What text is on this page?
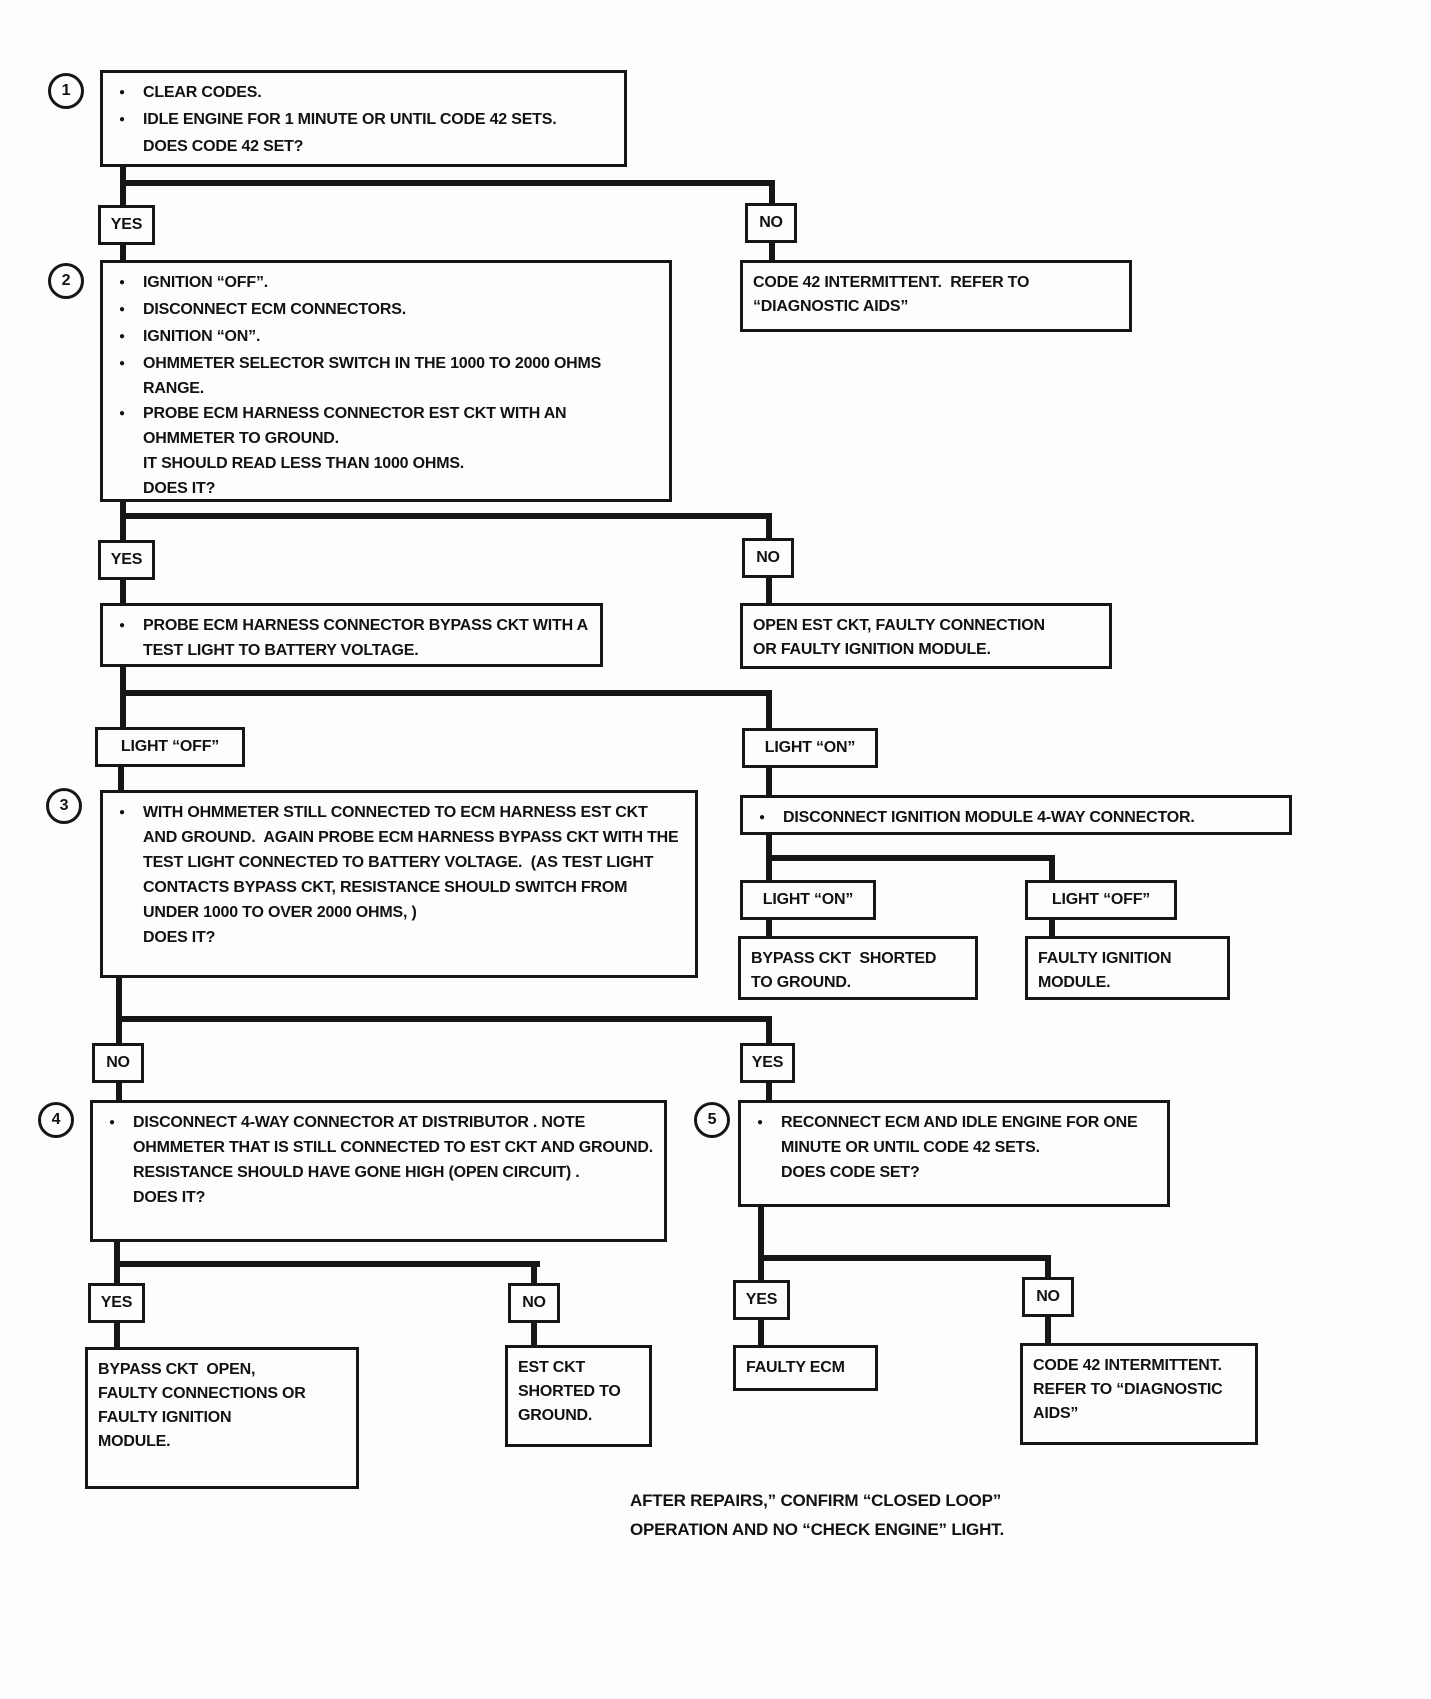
1
2
3
4	5
●
CLEAR CODES.
●
IDLE ENGINE FOR 1 MINUTE OR UNTIL CODE 42 SETS.
DOES CODE 42 SET?
YES	NO
●
IGNITION “OFF”.
●
DISCONNECT ECM CONNECTORS.
●
IGNITION “ON”.
●
OHMMETER SELECTOR SWITCH IN THE 1000 TO 2000 OHMS RANGE.
●
PROBE ECM HARNESS CONNECTOR EST CKT WITH AN OHMMETER TO GROUND.
IT SHOULD READ LESS THAN 1000 OHMS.
DOES IT?
CODE 42 INTERMITTENT.  REFER TO
“DIAGNOSTIC AIDS”
YES	NO
●
PROBE ECM HARNESS CONNECTOR BYPASS CKT WITH A TEST LIGHT TO BATTERY VOLTAGE.
OPEN EST CKT, FAULTY CONNECTION
OR FAULTY IGNITION MODULE.
LIGHT “OFF”	LIGHT “ON”
●
WITH OHMMETER STILL CONNECTED TO ECM HARNESS EST CKT  AND GROUND.  AGAIN PROBE ECM HARNESS BYPASS CKT WITH THE TEST LIGHT CONNECTED TO BATTERY VOLTAGE.  (AS TEST LIGHT CONTACTS BYPASS CKT, RESISTANCE SHOULD SWITCH FROM UNDER 1000 TO OVER 2000 OHMS, )
DOES IT?
●
DISCONNECT IGNITION MODULE 4-WAY CONNECTOR.
LIGHT “ON”	LIGHT “OFF”
BYPASS CKT  SHORTED
TO GROUND.
FAULTY IGNITION
MODULE.
NO	YES
●
DISCONNECT 4-WAY CONNECTOR AT DISTRIBUTOR . NOTE OHMMETER THAT IS STILL CONNECTED TO EST CKT AND GROUND. RESISTANCE SHOULD HAVE GONE HIGH (OPEN CIRCUIT) .
DOES IT?
●
RECONNECT ECM AND IDLE ENGINE FOR ONE MINUTE OR UNTIL CODE 42 SETS.
DOES CODE SET?
YES	NO	YES	NO
BYPASS CKT  OPEN,
FAULTY CONNECTIONS OR
FAULTY IGNITION
MODULE.
EST CKT
SHORTED TO
GROUND.
FAULTY ECM	CODE 42 INTERMITTENT.
REFER TO “DIAGNOSTIC
AIDS”
AFTER REPAIRS,” CONFIRM “CLOSED LOOP”
OPERATION AND NO “CHECK ENGINE” LIGHT.
